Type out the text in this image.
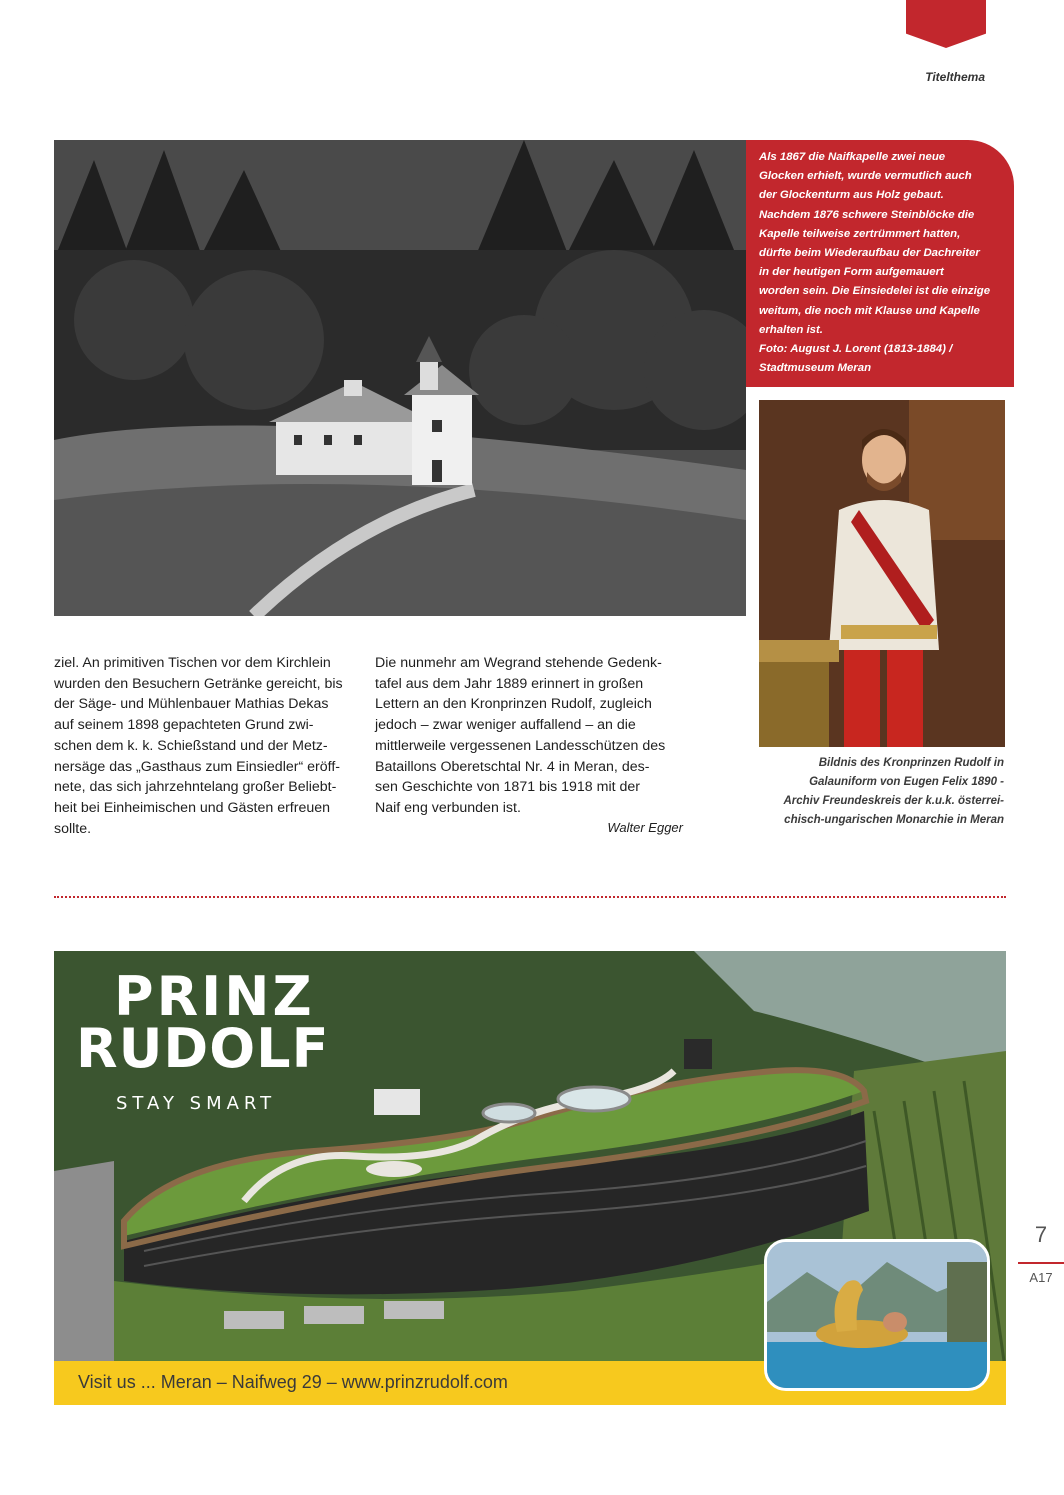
Titelthema

Als 1867 die Naifkapelle zwei neue

Glocken erhielt, wurde vermutlich auch

der Glockenturm aus Holz gebaut.

Nachdem 1876 schwere Steinblöcke die

Kapelle teilweise zertrümmert hatten,

dürfte beim Wiederaufbau der Dachreiter

in der heutigen Form aufgemauert

worden sein. Die Einsiedelei ist die einzige

weitum, die noch mit Klause und Kapelle

erhalten ist.

Foto: August J. Lorent (1813-1884) /

Stadtmuseum Meran

Bildnis des Kronprinzen Rudolf in
Galauniform von Eugen Felix 1890 -
Archiv Freundeskreis der k.u.k. österrei-
chisch-ungarischen Monarchie in Meran
ziel. An primitiven Tischen vor dem Kirchlein
wurden den Besuchern Getränke gereicht, bis
der Säge- und Mühlenbauer Mathias Dekas
auf seinem 1898 gepachteten Grund zwi-
schen dem k. k. Schießstand und der Metz-
nersäge das „Gasthaus zum Einsiedler“ eröff-
nete, das sich jahrzehntelang großer Beliebt-
heit bei Einheimischen und Gästen erfreuen
sollte.
Die nunmehr am Wegrand stehende Gedenk-
tafel aus dem Jahr 1889 erinnert in großen
Lettern an den Kronprinzen Rudolf, zugleich
jedoch – zwar weniger auffallend – an die
mittlerweile vergessenen Landesschützen des
Bataillons Oberetschtal Nr. 4 in Meran, des-
sen Geschichte von 1871 bis 1918 mit der
Naif eng verbunden ist.
Walter Egger
PRINZ
RUDOLF
STAY SMART
Visit us ... Meran – Naifweg 29 – www.prinzrudolf.com
7
A17
